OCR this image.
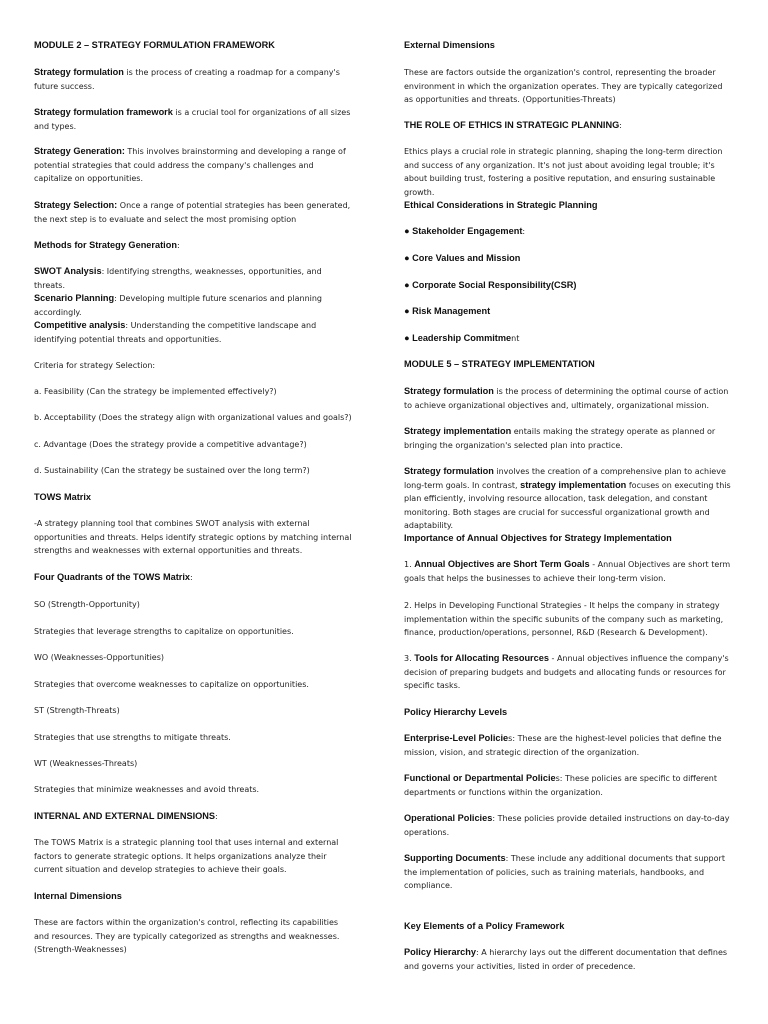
MODULE 2 – STRATEGY FORMULATION FRAMEWORK

Strategy formulation is the process of creating a roadmap for a company's future success.

Strategy formulation framework is a crucial tool for organizations of all sizes and types.

Strategy Generation: This involves brainstorming and developing a range of potential strategies that could address the company's challenges and capitalize on opportunities.

Strategy Selection: Once a range of potential strategies has been generated, the next step is to evaluate and select the most promising option

Methods for Strategy Generation:

SWOT Analysis: Identifying strengths, weaknesses, opportunities, and threats.

Scenario Planning: Developing multiple future scenarios and planning accordingly.

Competitive analysis: Understanding the competitive landscape and identifying potential threats and opportunities.

Criteria for strategy Selection:

a. Feasibility (Can the strategy be implemented effectively?)

b. Acceptability (Does the strategy align with organizational values and goals?)

c. Advantage (Does the strategy provide a competitive advantage?)

d. Sustainability (Can the strategy be sustained over the long term?)

TOWS Matrix

-A strategy planning tool that combines SWOT analysis with external opportunities and threats. Helps identify strategic options by matching internal strengths and weaknesses with external opportunities and threats.

Four Quadrants of the TOWS Matrix:

SO (Strength-Opportunity)

Strategies that leverage strengths to capitalize on opportunities.

WO (Weaknesses-Opportunities)

Strategies that overcome weaknesses to capitalize on opportunities.

ST (Strength-Threats)

Strategies that use strengths to mitigate threats.

WT (Weaknesses-Threats)

Strategies that minimize weaknesses and avoid threats.

INTERNAL AND EXTERNAL DIMENSIONS:

The TOWS Matrix is a strategic planning tool that uses internal and external factors to generate strategic options. It helps organizations analyze their current situation and develop strategies to achieve their goals.

Internal Dimensions

These are factors within the organization's control, reflecting its capabilities and resources. They are typically categorized as strengths and weaknesses. (Strength-Weaknesses)

External Dimensions

These are factors outside the organization's control, representing the broader environment in which the organization operates. They are typically categorized as opportunities and threats. (Opportunities-Threats)

THE ROLE OF ETHICS IN STRATEGIC PLANNING:

Ethics plays a crucial role in strategic planning, shaping the long-term direction and success of any organization. It's not just about avoiding legal trouble; it's about building trust, fostering a positive reputation, and ensuring sustainable growth.

Ethical Considerations in Strategic Planning

● Stakeholder Engagement:

● Core Values and Mission

● Corporate Social Responsibility(CSR)

● Risk Management

● Leadership Commitment

MODULE 5 – STRATEGY IMPLEMENTATION

Strategy formulation is the process of determining the optimal course of action to achieve organizational objectives and, ultimately, organizational mission.

Strategy implementation entails making the strategy operate as planned or bringing the organization's selected plan into practice.

Strategy formulation involves the creation of a comprehensive plan to achieve long-term goals. In contrast, strategy implementation focuses on executing this plan efficiently, involving resource allocation, task delegation, and constant monitoring. Both stages are crucial for successful organizational growth and adaptability.

Importance of Annual Objectives for Strategy Implementation

1. Annual Objectives are Short Term Goals - Annual Objectives are short term goals that helps the businesses to achieve their long-term vision.

2. Helps in Developing Functional Strategies - It helps the company in strategy implementation within the specific subunits of the company such as marketing, finance, production/operations, personnel, R&D (Research & Development).

3. Tools for Allocating Resources - Annual objectives influence the company's decision of preparing budgets and budgets and allocating funds or resources for specific tasks.

Policy Hierarchy Levels

Enterprise-Level Policies: These are the highest-level policies that define the mission, vision, and strategic direction of the organization.

Functional or Departmental Policies: These policies are specific to different departments or functions within the organization.

Operational Policies: These policies provide detailed instructions on day-to-day operations.

Supporting Documents: These include any additional documents that support the implementation of policies, such as training materials, handbooks, and compliance.

Key Elements of a Policy Framework

Policy Hierarchy: A hierarchy lays out the different documentation that defines and governs your activities, listed in order of precedence.
